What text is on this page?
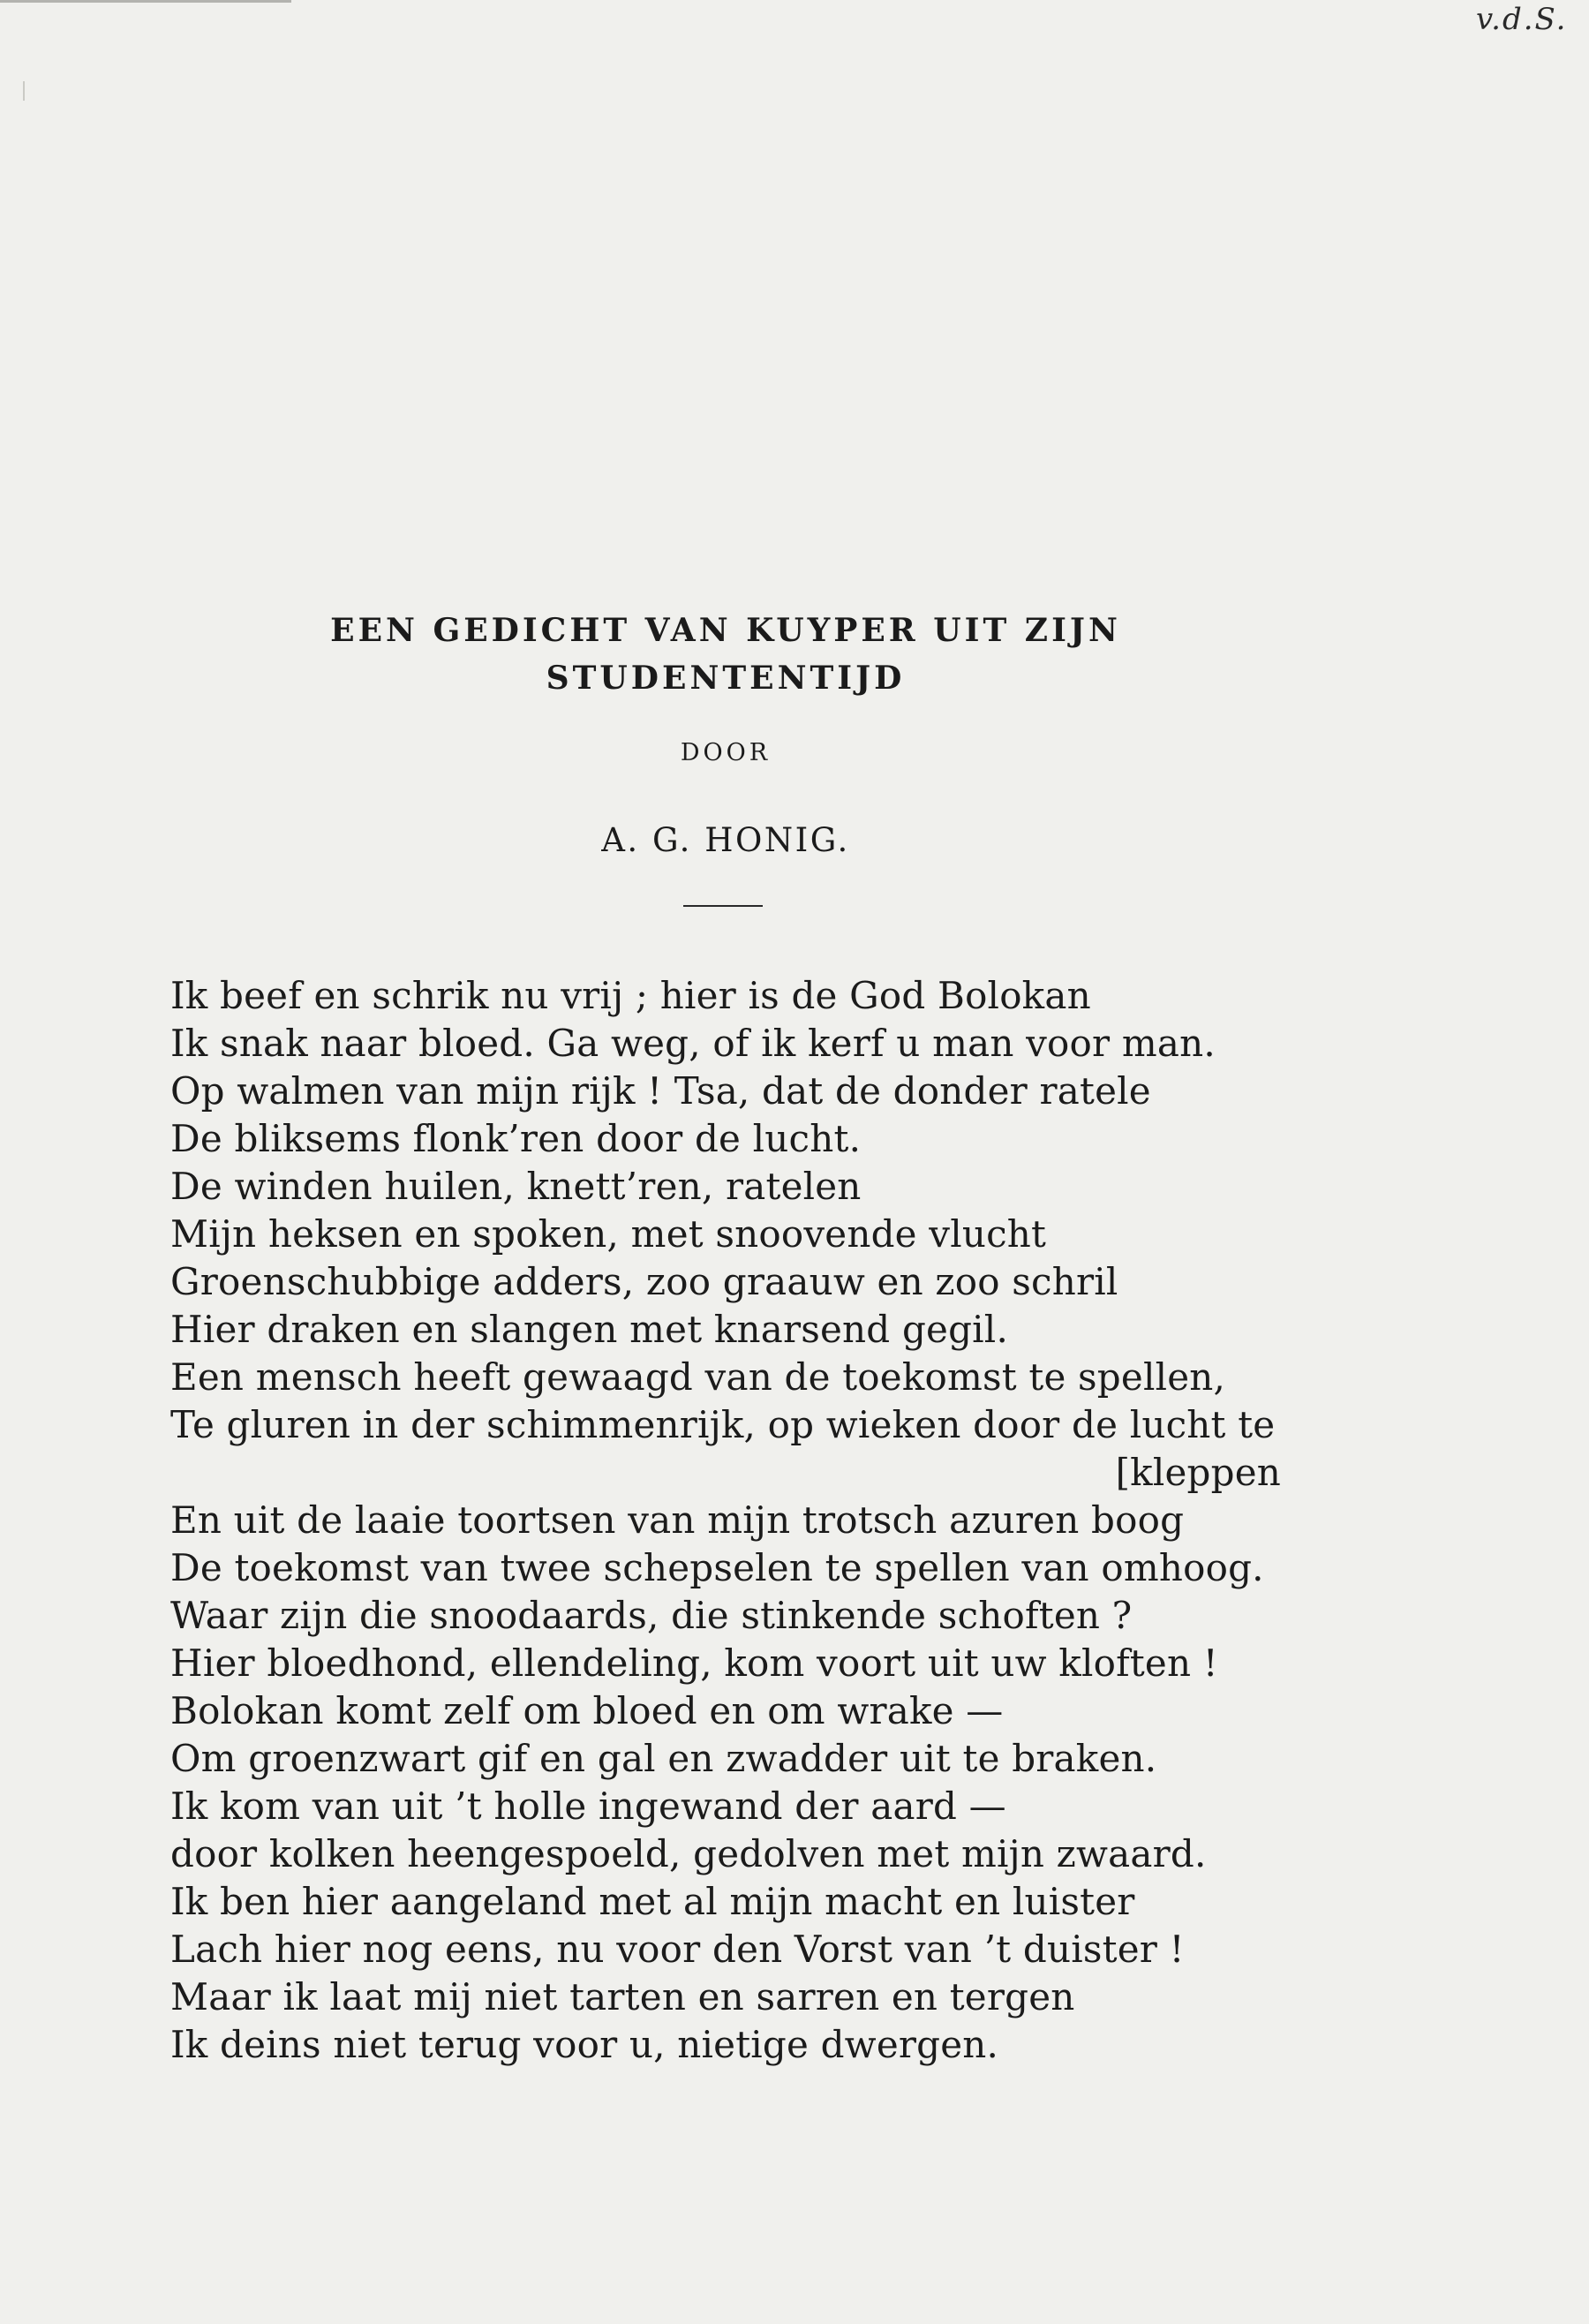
v.d.S.
EEN GEDICHT VAN KUYPER UIT ZIJN
STUDENTENTIJD
DOOR
A. G. HONIG.
Ik beef en schrik nu vrij ; hier is de God Bolokan
Ik snak naar bloed. Ga weg, of ik kerf u man voor man.
Op walmen van mijn rijk ! Tsa, dat de donder ratele
De bliksems flonk’ren door de lucht.
De winden huilen, knett’ren, ratelen
Mijn heksen en spoken, met snoovende vlucht
Groenschubbige adders, zoo graauw en zoo schril
Hier draken en slangen met knarsend gegil.
Een mensch heeft gewaagd van de toekomst te spellen,
Te gluren in der schimmenrijk, op wieken door de lucht te
[kleppen
En uit de laaie toortsen van mijn trotsch azuren boog
De toekomst van twee schepselen te spellen van omhoog.
Waar zijn die snoodaards, die stinkende schoften ?
Hier bloedhond, ellendeling, kom voort uit uw kloften !
Bolokan komt zelf om bloed en om wrake —
Om groenzwart gif en gal en zwadder uit te braken.
Ik kom van uit ’t holle ingewand der aard —
door kolken heengespoeld, gedolven met mijn zwaard.
Ik ben hier aangeland met al mijn macht en luister
Lach hier nog eens, nu voor den Vorst van ’t duister !
Maar ik laat mij niet tarten en sarren en tergen
Ik deins niet terug voor u, nietige dwergen.
